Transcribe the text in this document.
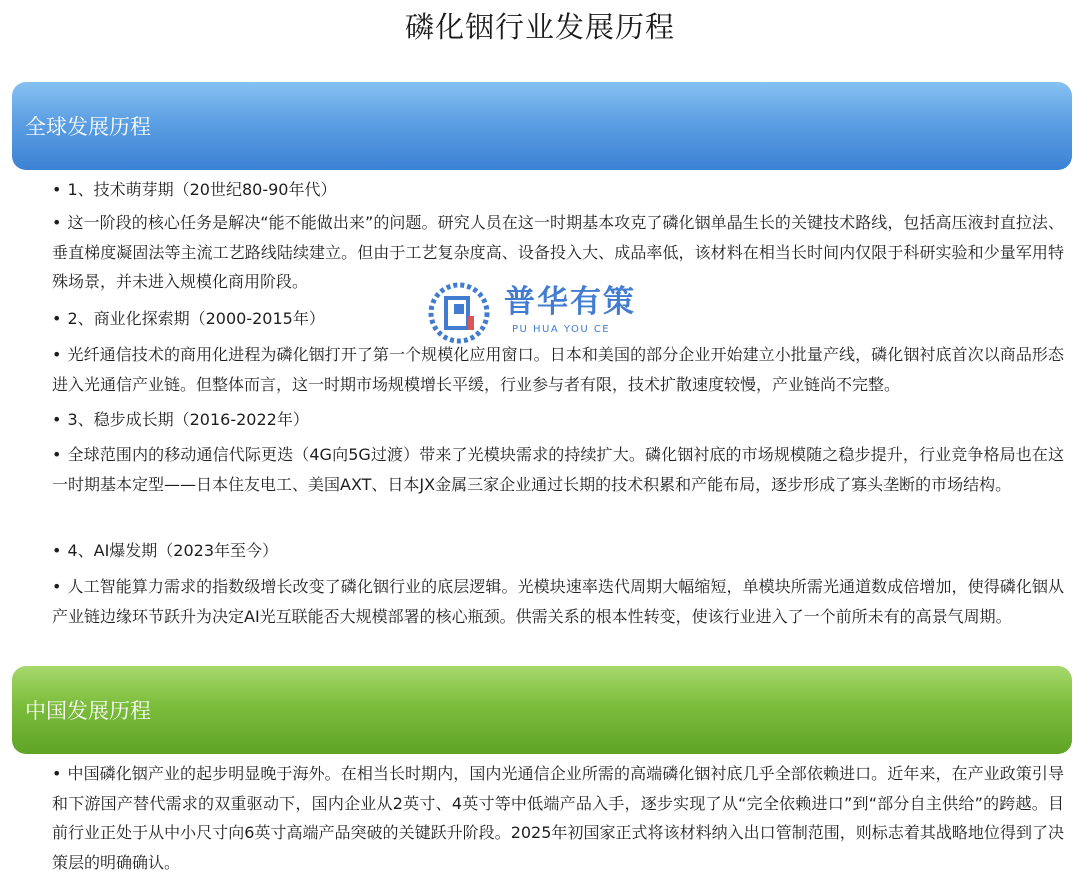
磷化铟行业发展历程
全球发展历程
• 1、技术萌芽期（20世纪80-90年代）
• 这一阶段的核心任务是解决“能不能做出来”的问题。研究人员在这一时期基本攻克了磷化铟单晶生长的关键技术路线，包括高压液封直拉法、垂直梯度凝固法等主流工艺路线陆续建立。但由于工艺复杂度高、设备投入大、成品率低，该材料在相当长时间内仅限于科研实验和少量军用特殊场景，并未进入规模化商用阶段。
• 2、商业化探索期（2000-2015年）
• 光纤通信技术的商用化进程为磷化铟打开了第一个规模化应用窗口。日本和美国的部分企业开始建立小批量产线，磷化铟衬底首次以商品形态进入光通信产业链。但整体而言，这一时期市场规模增长平缓，行业参与者有限，技术扩散速度较慢，产业链尚不完整。
• 3、稳步成长期（2016-2022年）
• 全球范围内的移动通信代际更迭（4G向5G过渡）带来了光模块需求的持续扩大。磷化铟衬底的市场规模随之稳步提升，行业竞争格局也在这一时期基本定型——日本住友电工、美国AXT、日本JX金属三家企业通过长期的技术积累和产能布局，逐步形成了寡头垄断的市场结构。
• 4、AI爆发期（2023年至今）
• 人工智能算力需求的指数级增长改变了磷化铟行业的底层逻辑。光模块速率迭代周期大幅缩短，单模块所需光通道数成倍增加，使得磷化铟从产业链边缘环节跃升为决定AI光互联能否大规模部署的核心瓶颈。供需关系的根本性转变，使该行业进入了一个前所未有的高景气周期。
中国发展历程
• 中国磷化铟产业的起步明显晚于海外。在相当长时期内，国内光通信企业所需的高端磷化铟衬底几乎全部依赖进口。近年来，在产业政策引导和下游国产替代需求的双重驱动下，国内企业从2英寸、4英寸等中低端产品入手，逐步实现了从“完全依赖进口”到“部分自主供给”的跨越。目前行业正处于从中小尺寸向6英寸高端产品突破的关键跃升阶段。2025年初国家正式将该材料纳入出口管制范围，则标志着其战略地位得到了决策层的明确确认。
普华有策
PU HUA YOU CE
